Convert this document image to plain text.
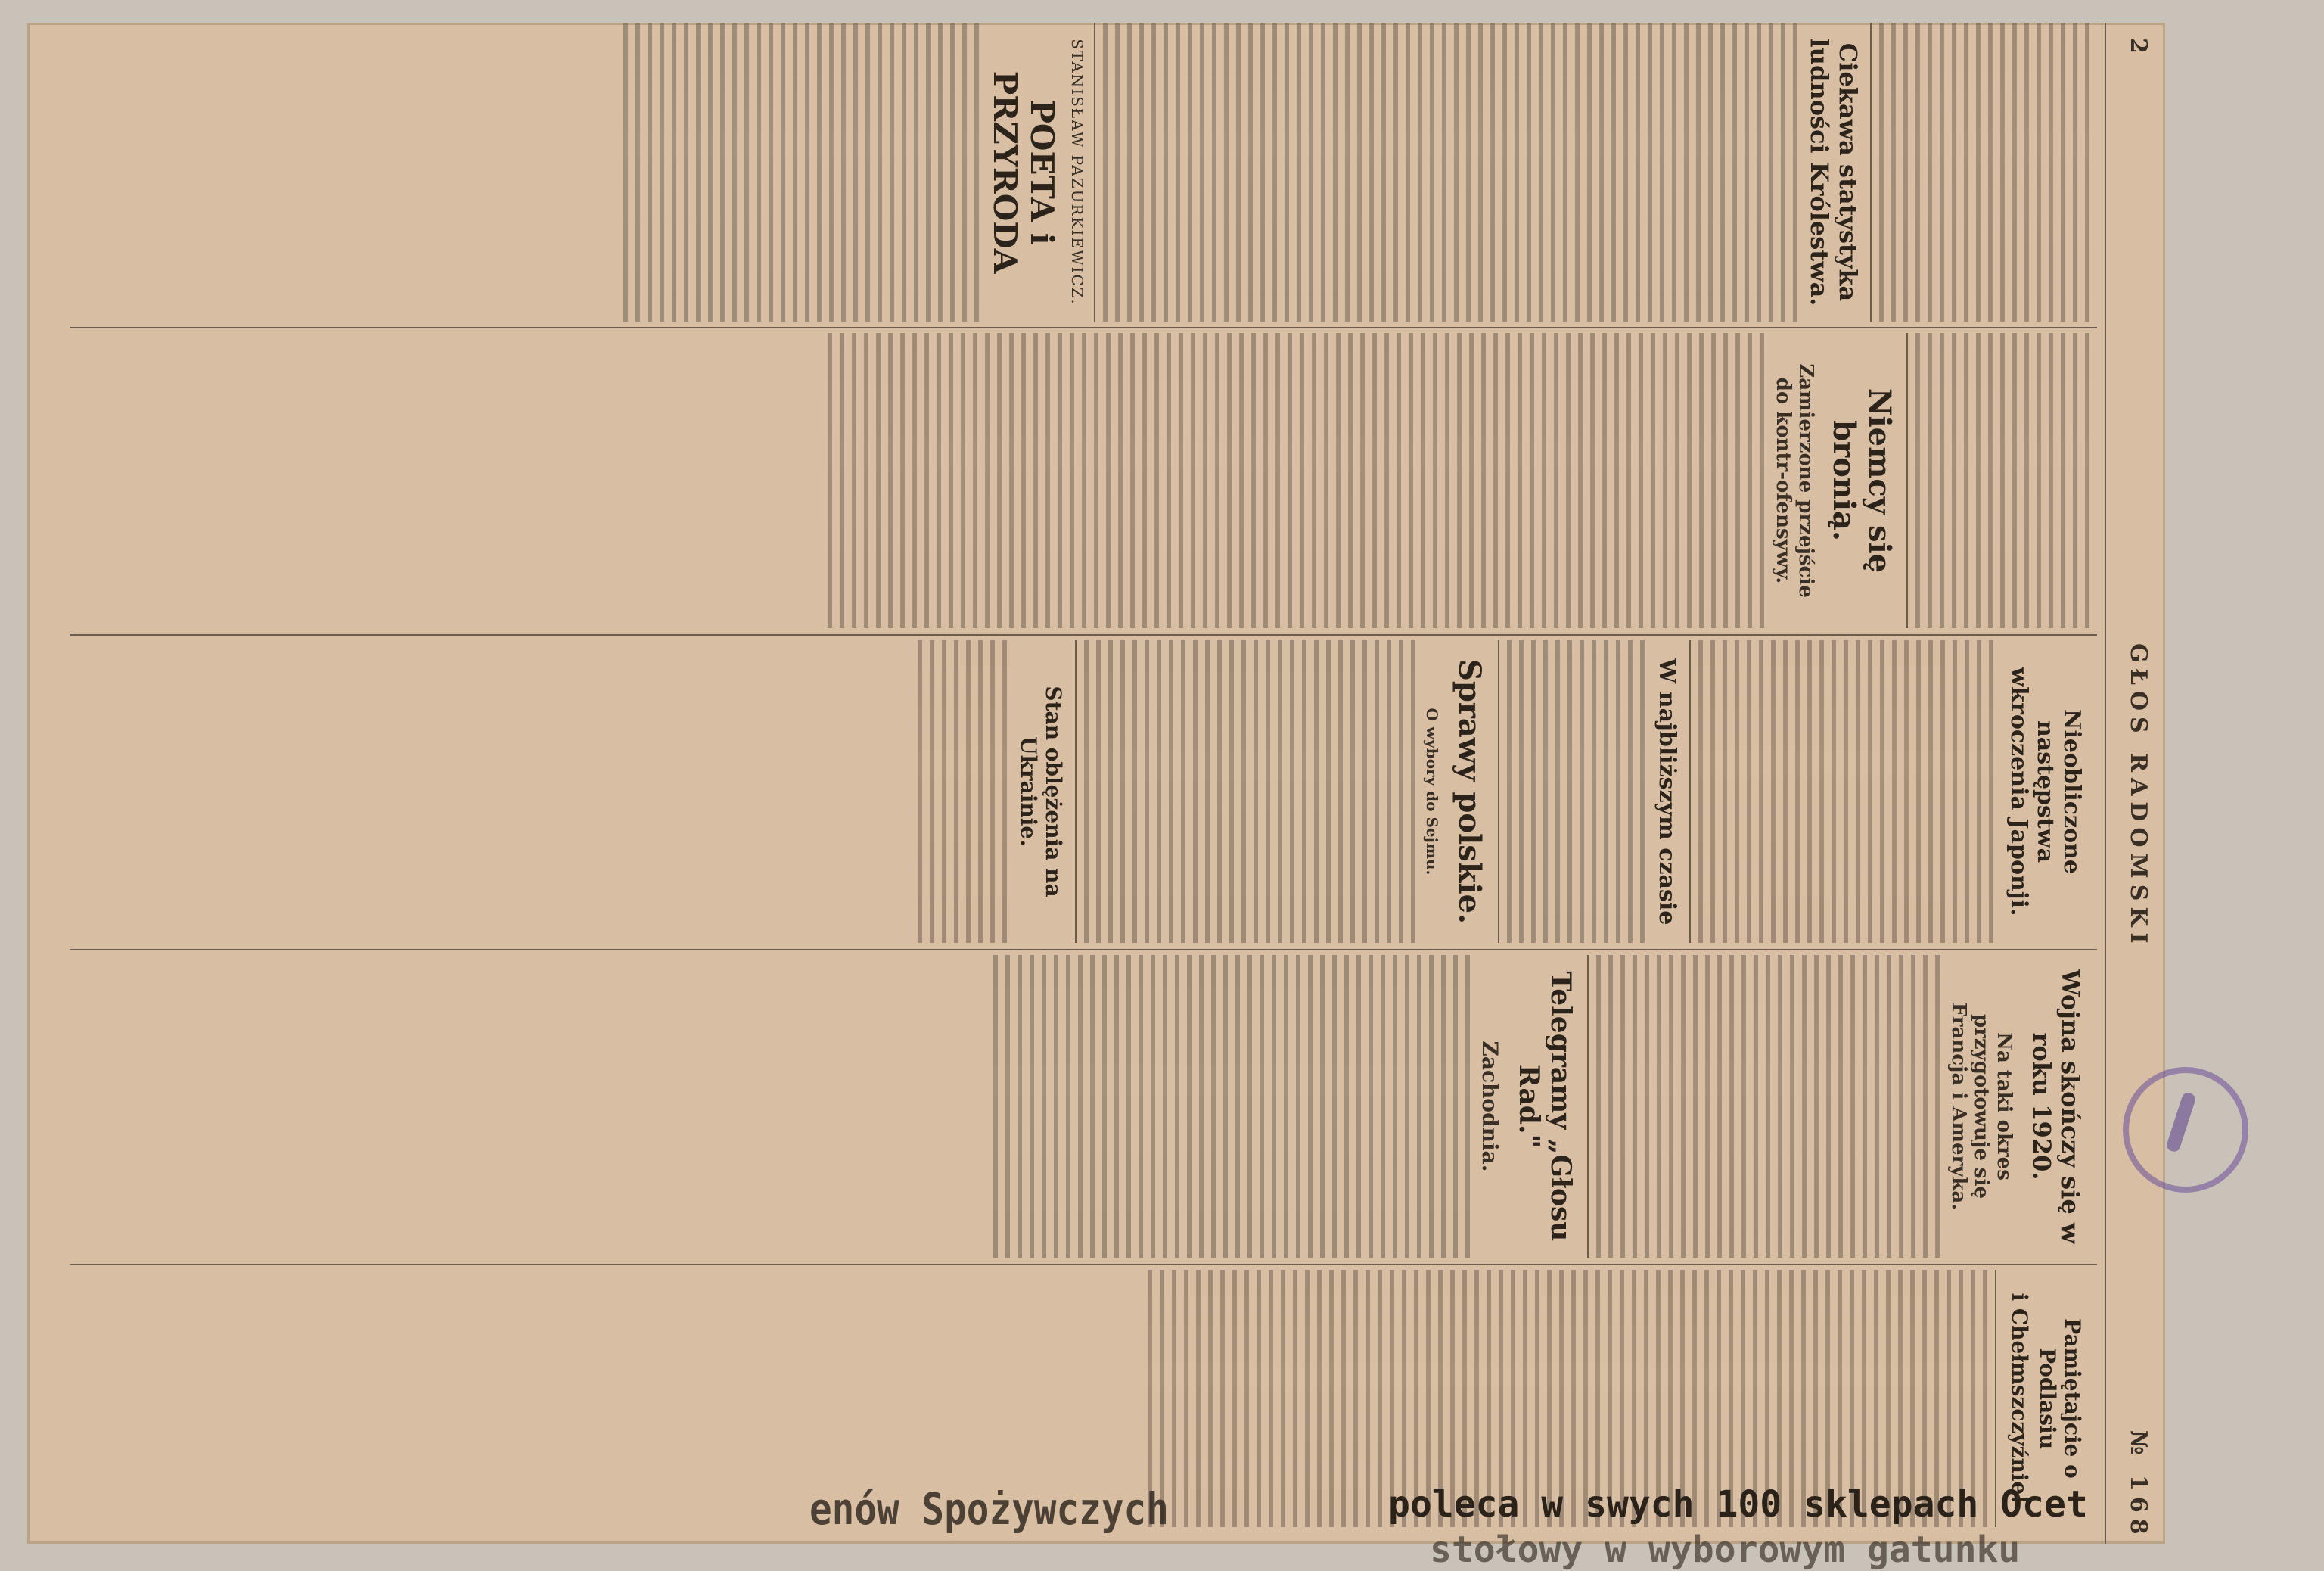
2
GŁOS RADOMSKI
№ 168
Ciekawa statystyka ludności Królestwa.
STANISŁAW PAZURKIEWICZ.
POETA i PRZYRODA
Niemcy się bronią.
Zamierzone przejście do kontr-ofensywy.
Nieobliczone następstwa wkroczenia Japonji.
W najbliższym czasie
Sprawy polskie.
O wybory do Sejmu.
Stan oblężenia na Ukrainie.
Wojna skończy się w roku 1920.
Na taki okres przygotowuje się Francja i Ameryka.
Telegramy „Głosu Rad."
Zachodnia.
Pamiętajcie o Podlasiu
i Chełmszczyźnie!
enów Spożywczych	poleca w swych 100 sklepach Ocet
stołowy w wyborowym gatunku
